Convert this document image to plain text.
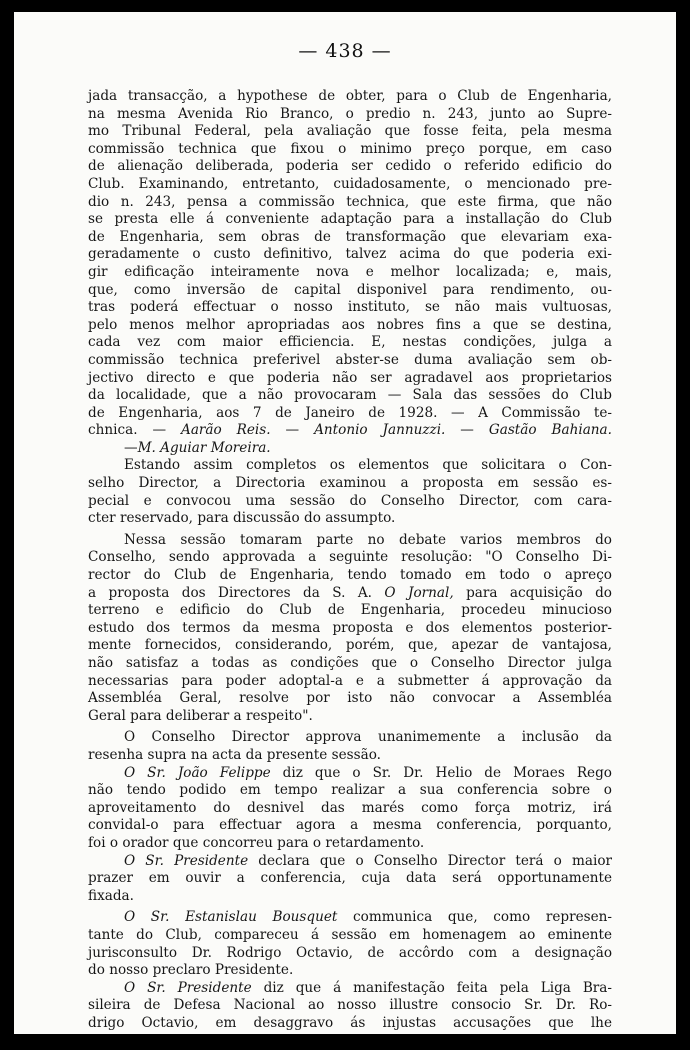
— 438 —
jada transacção, a hypothese de obter, para o Club de Engenharia,
na mesma Avenida Rio Branco, o predio n. 243, junto ao Supre-
mo Tribunal Federal, pela avaliação que fosse feita, pela mesma
commissão technica que fixou o minimo preço porque, em caso
de alienação deliberada, poderia ser cedido o referido edificio do
Club. Examinando, entretanto, cuidadosamente, o mencionado pre-
dio n. 243, pensa a commissão technica, que este firma, que não
se presta elle á conveniente adaptação para a installação do Club
de Engenharia, sem obras de transformação que elevariam exa-
geradamente o custo definitivo, talvez acima do que poderia exi-
gir edificação inteiramente nova e melhor localizada; e, mais,
que, como inversão de capital disponivel para rendimento, ou-
tras poderá effectuar o nosso instituto, se não mais vultuosas,
pelo menos melhor apropriadas aos nobres fins a que se destina,
cada vez com maior efficiencia. E, nestas condições, julga a
commissão technica preferivel abster-se duma avaliação sem ob-
jectivo directo e que poderia não ser agradavel aos proprietarios
da localidade, que a não provocaram — Sala das sessões do Club
de Engenharia, aos 7 de Janeiro de 1928. — A Commissão te-
chnica. — Aarão Reis. — Antonio Jannuzzi. — Gastão Bahiana.
—M. Aguiar Moreira.
Estando assim completos os elementos que solicitara o Con-
selho Director, a Directoria examinou a proposta em sessão es-
pecial e convocou uma sessão do Conselho Director, com cara-
cter reservado, para discussão do assumpto.
Nessa sessão tomaram parte no debate varios membros do
Conselho, sendo approvada a seguinte resolução: "O Conselho Di-
rector do Club de Engenharia, tendo tomado em todo o apreço
a proposta dos Directores da S. A. O Jornal, para acquisição do
terreno e edificio do Club de Engenharia, procedeu minucioso
estudo dos termos da mesma proposta e dos elementos posterior-
mente fornecidos, considerando, porém, que, apezar de vantajosa,
não satisfaz a todas as condições que o Conselho Director julga
necessarias para poder adoptal-a e a submetter á approvação da
Assembléa Geral, resolve por isto não convocar a Assembléa
Geral para deliberar a respeito".
O Conselho Director approva unanimemente a inclusão da
resenha supra na acta da presente sessão.
O Sr. João Felippe diz que o Sr. Dr. Helio de Moraes Rego
não tendo podido em tempo realizar a sua conferencia sobre o
aproveitamento do desnivel das marés como força motriz, irá
convidal-o para effectuar agora a mesma conferencia, porquanto,
foi o orador que concorreu para o retardamento.
O Sr. Presidente declara que o Conselho Director terá o maior
prazer em ouvir a conferencia, cuja data será opportunamente
fixada.
O Sr. Estanislau Bousquet communica que, como represen-
tante do Club, compareceu á sessão em homenagem ao eminente
jurisconsulto Dr. Rodrigo Octavio, de accôrdo com a designação
do nosso preclaro Presidente.
O Sr. Presidente diz que á manifestação feita pela Liga Bra-
sileira de Defesa Nacional ao nosso illustre consocio Sr. Dr. Ro-
drigo Octavio, em desaggravo ás injustas accusações que lhe
